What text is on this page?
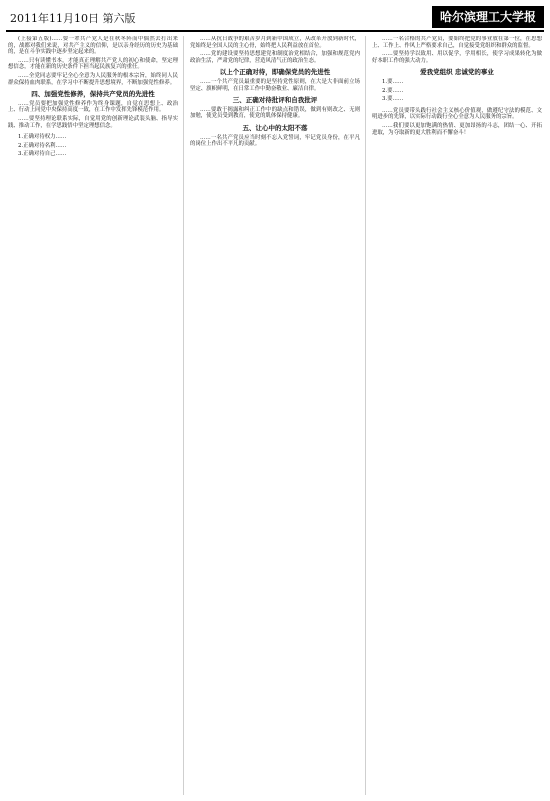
2011年11月10日 第六版	哈尔滨理工大学报

(上接第五版)……要一辈共产党人是在秋冬阵而中偶然去打出来的，战都对我们来说，对共产主义的信仰，是以亲身经历的历史为基础的，是在斗争实践中逐步坚定起来的。

……只有读懂书本，才能真正理解共产党人的初心和使命，坚定理想信念，才能在新的历史条件下担当起民族复兴的重任。

……全党同志要牢记全心全意为人民服务的根本宗旨，始终同人民群众保持血肉联系，在学习中不断提升思想境界，不断加强党性修养。

四、加强党性修养，保持共产党员的先进性

……党员要把加强党性修养作为终身课题，自觉在思想上、政治上、行动上同党中央保持高度一致，在工作中发挥先锋模范作用。

……要坚持理论联系实际，自觉用党的创新理论武装头脑、指导实践、推动工作，在学思践悟中坚定理想信念。

1.正确对待权力……

2.正确对待名利……

3.正确对待自己……

……从抗日战争的艰苦岁月到新中国成立，从改革开放到新时代，党始终是全国人民的主心骨，始终把人民利益放在首位。

……党的建设要坚持思想建党和制度治党相结合，加强和规范党内政治生活，严肃党的纪律，营造风清气正的政治生态。

以上个正确对待，即确保党员的先进性

……一个共产党员最重要的是坚持党性原则，在大是大非面前立场坚定、旗帜鲜明，在日常工作中勤奋敬业、廉洁自律。

三、正确对待批评和自我批评

……要敢于揭露和纠正工作中的缺点和错误，做到有则改之、无则加勉，使党员受到教育，使党的肌体保持健康。

五、让心中的太阳不落

……一名共产党员应当时刻不忘入党誓词，牢记党员身份，在平凡的岗位上作出不平凡的贡献。

……一名合格的共产党员，要始终把党的事业放在第一位，在思想上、工作上、作风上严格要求自己，自觉接受党组织和群众的监督。

……要坚持学以致用、用以促学，学用相长，使学习成果转化为做好本职工作的强大动力。

爱我党组织 忠诚党的事业

1.要……

2.要……

3.要……

……党员要带头践行社会主义核心价值观，做遵纪守法的模范、文明进步的先锋，以实际行动践行全心全意为人民服务的宗旨。

……我们要以更加饱满的热情、更加昂扬的斗志，团结一心、开拓进取，为夺取新的更大胜利而不懈奋斗！
